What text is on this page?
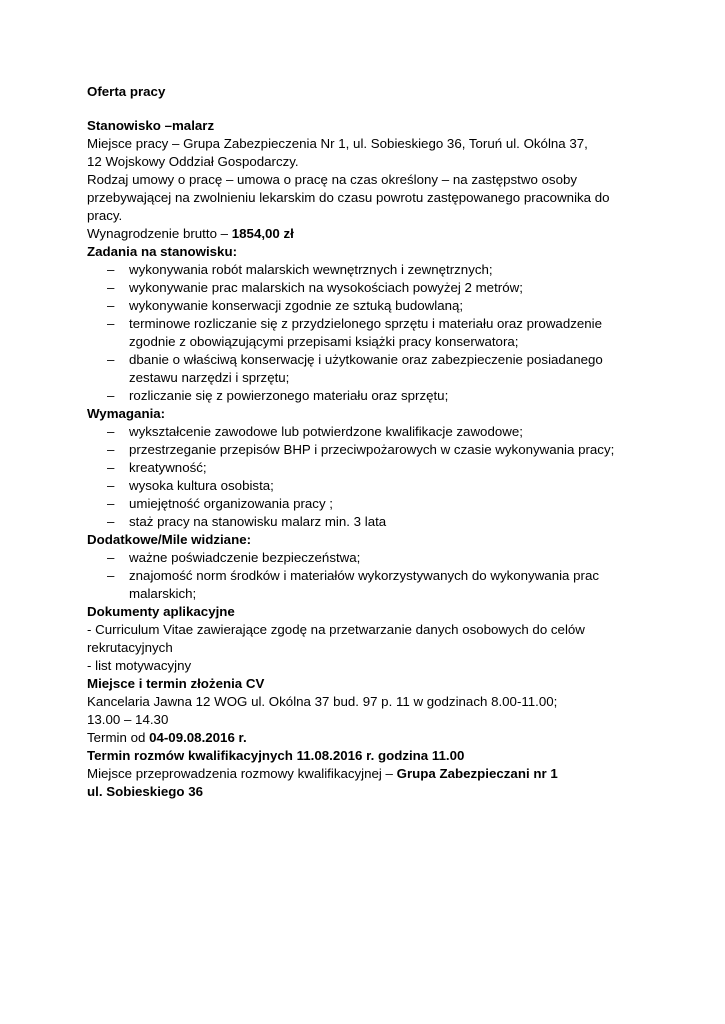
Oferta pracy
Stanowisko –malarz
Miejsce pracy – Grupa Zabezpieczenia Nr 1, ul. Sobieskiego 36, Toruń ul. Okólna 37,
12 Wojskowy Oddział Gospodarczy.
Rodzaj umowy o pracę – umowa o pracę na czas określony – na zastępstwo osoby
przebywającej na zwolnieniu lekarskim do czasu powrotu zastępowanego pracownika do
pracy.
Wynagrodzenie brutto – 1854,00 zł
Zadania na stanowisku:
– wykonywania robót malarskich wewnętrznych i zewnętrznych;
– wykonywanie prac malarskich na wysokościach powyżej 2 metrów;
– wykonywanie konserwacji zgodnie ze sztuką budowlaną;
– terminowe rozliczanie się z przydzielonego sprzętu i materiału oraz prowadzenie
zgodnie z obowiązującymi przepisami książki pracy konserwatora;
– dbanie o właściwą konserwację i użytkowanie oraz zabezpieczenie posiadanego
zestawu narzędzi i sprzętu;
– rozliczanie się z powierzonego materiału oraz sprzętu;
Wymagania:
– wykształcenie zawodowe lub potwierdzone kwalifikacje zawodowe;
– przestrzeganie przepisów BHP i przeciwpożarowych w czasie wykonywania pracy;
– kreatywność;
– wysoka kultura osobista;
– umiejętność organizowania pracy ;
– staż pracy na stanowisku malarz min. 3 lata
Dodatkowe/Mile widziane:
– ważne poświadczenie bezpieczeństwa;
– znajomość norm środków i materiałów wykorzystywanych do wykonywania prac
malarskich;
Dokumenty aplikacyjne
- Curriculum Vitae zawierające zgodę na przetwarzanie danych osobowych do celów
rekrutacyjnych
- list motywacyjny
Miejsce i termin złożenia CV
Kancelaria Jawna 12 WOG ul. Okólna 37 bud. 97 p. 11 w godzinach 8.00-11.00;
13.00 – 14.30
Termin od 04-09.08.2016 r.
Termin rozmów kwalifikacyjnych 11.08.2016 r. godzina 11.00
Miejsce przeprowadzenia rozmowy kwalifikacyjnej – Grupa Zabezpieczani nr 1
ul. Sobieskiego 36
